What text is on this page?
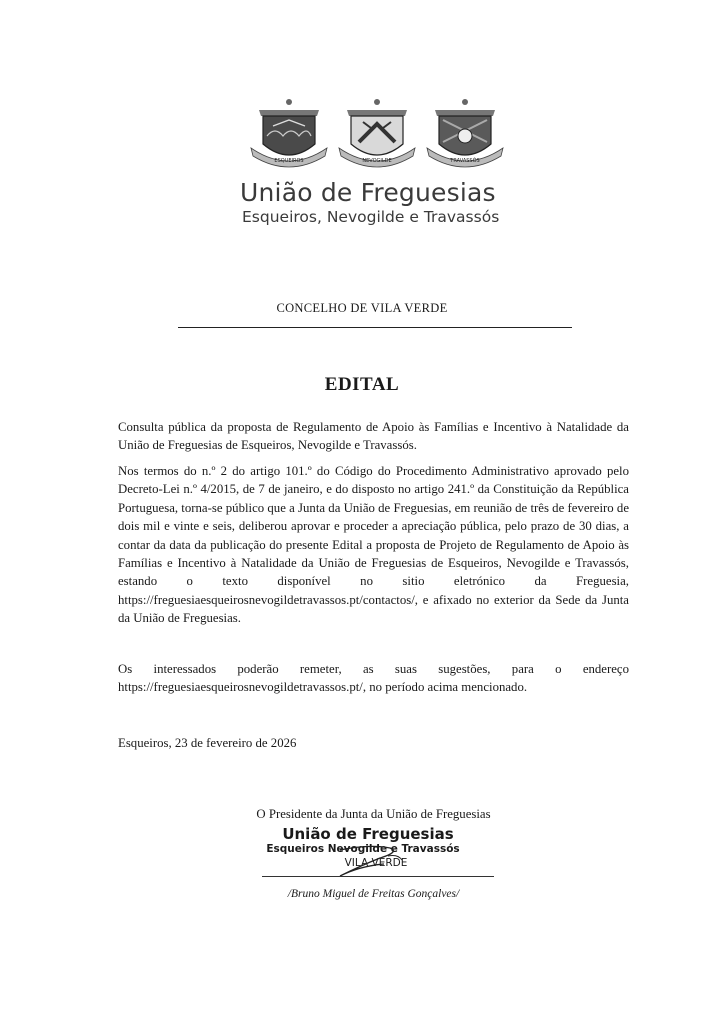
ESQUEIROS	NEVOGILDE	TRAVASSÓS
União de Freguesias
Esqueiros, Nevogilde e Travassós
CONCELHO DE VILA VERDE
EDITAL

Consulta pública da proposta de Regulamento de Apoio às Famílias e Incentivo à Natalidade da União de Freguesias de Esqueiros, Nevogilde e Travassós.

Nos termos do n.º 2 do artigo 101.º do Código do Procedimento Administrativo aprovado pelo Decreto-Lei n.º 4/2015, de 7 de janeiro, e do disposto no artigo 241.º da Constituição da República Portuguesa, torna-se público que a Junta da União de Freguesias, em reunião de três de fevereiro de dois mil e vinte e seis, deliberou aprovar e proceder a apreciação pública, pelo prazo de 30 dias, a contar da data da publicação do presente Edital a proposta de Projeto de Regulamento de Apoio às Famílias e Incentivo à Natalidade da União de Freguesias de Esqueiros, Nevogilde e Travassós, estando o texto disponível no sitio eletrónico da Freguesia, https://freguesiaesqueirosnevogildetravassos.pt/contactos/, e afixado no exterior da Sede da Junta da União de Freguesias.

Os interessados poderão remeter, as suas sugestões, para o endereço https://freguesiaesqueirosnevogildetravassos.pt/, no período acima mencionado.

Esqueiros, 23 de fevereiro de 2026
O Presidente da Junta da União de Freguesias
União de Freguesias
Esqueiros Nevogilde e Travassós
VILA VERDE
/Bruno Miguel de Freitas Gonçalves/
